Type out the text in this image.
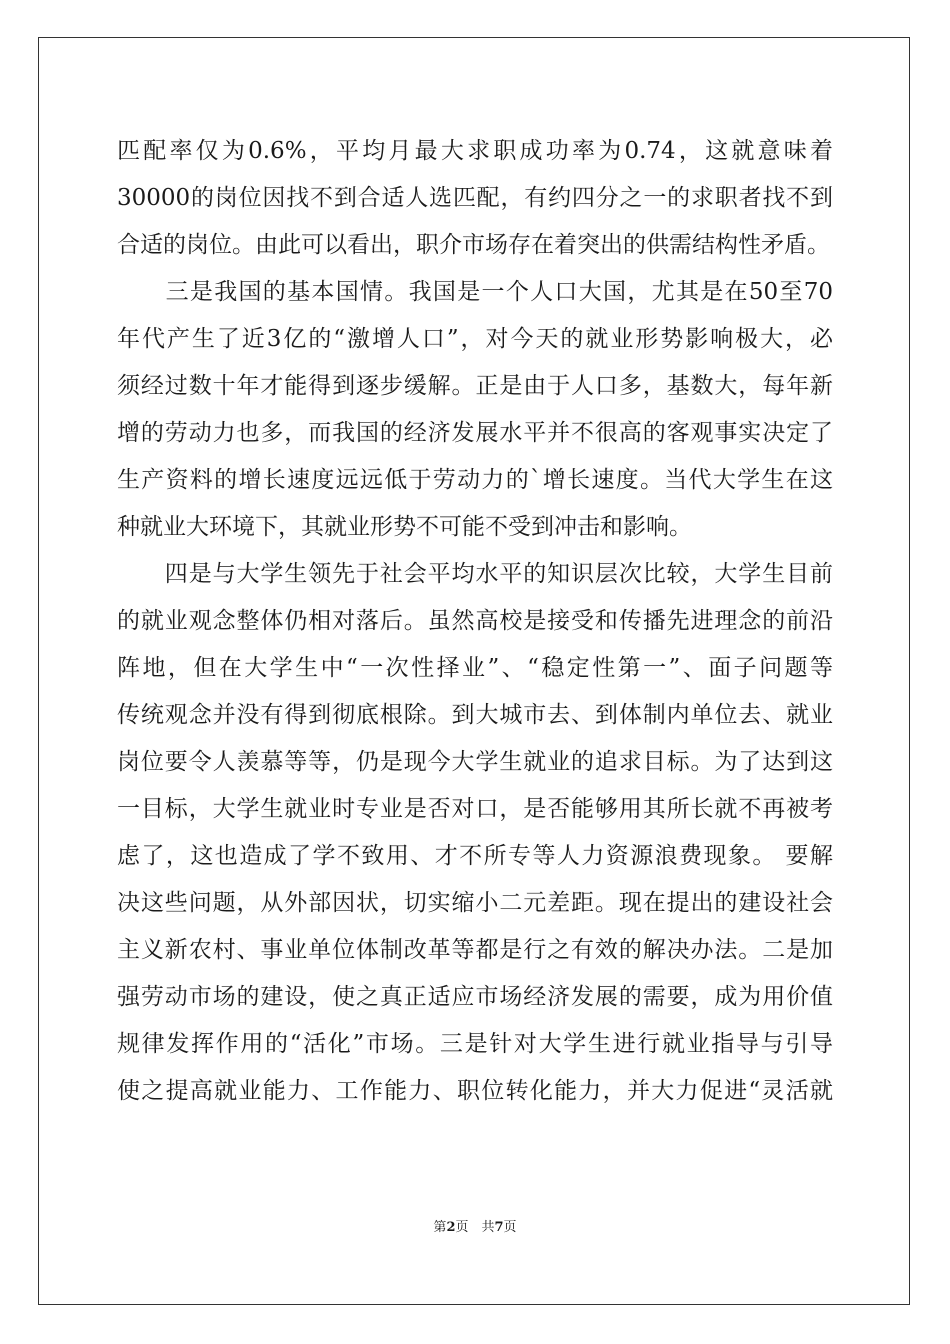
匹配率仅为0.6%，平均月最大求职成功率为0.74，这就意味着
30000的岗位因找不到合适人选匹配，有约四分之一的求职者找不到
合适的岗位。由此可以看出，职介市场存在着突出的供需结构性矛盾。
　　三是我国的基本国情。我国是一个人口大国，尤其是在50至70
年代产生了近3亿的“激增人口”，对今天的就业形势影响极大，必
须经过数十年才能得到逐步缓解。正是由于人口多，基数大，每年新
增的劳动力也多，而我国的经济发展水平并不很高的客观事实决定了
生产资料的增长速度远远低于劳动力的`增长速度。当代大学生在这
种就业大环境下，其就业形势不可能不受到冲击和影响。
　　四是与大学生领先于社会平均水平的知识层次比较，大学生目前
的就业观念整体仍相对落后。虽然高校是接受和传播先进理念的前沿
阵地，但在大学生中“一次性择业”、“稳定性第一”、面子问题等
传统观念并没有得到彻底根除。到大城市去、到体制内单位去、就业
岗位要令人羡慕等等，仍是现今大学生就业的追求目标。为了达到这
一目标，大学生就业时专业是否对口，是否能够用其所长就不再被考
虑了，这也造成了学不致用、才不所专等人力资源浪费现象。 要解
决这些问题，从外部因状，切实缩小二元差距。现在提出的建设社会
主义新农村、事业单位体制改革等都是行之有效的解决办法。二是加
强劳动市场的建设，使之真正适应市场经济发展的需要，成为用价值
规律发挥作用的“活化”市场。三是针对大学生进行就业指导与引导
使之提高就业能力、工作能力、职位转化能力，并大力促进“灵活就
第2页　共7页
